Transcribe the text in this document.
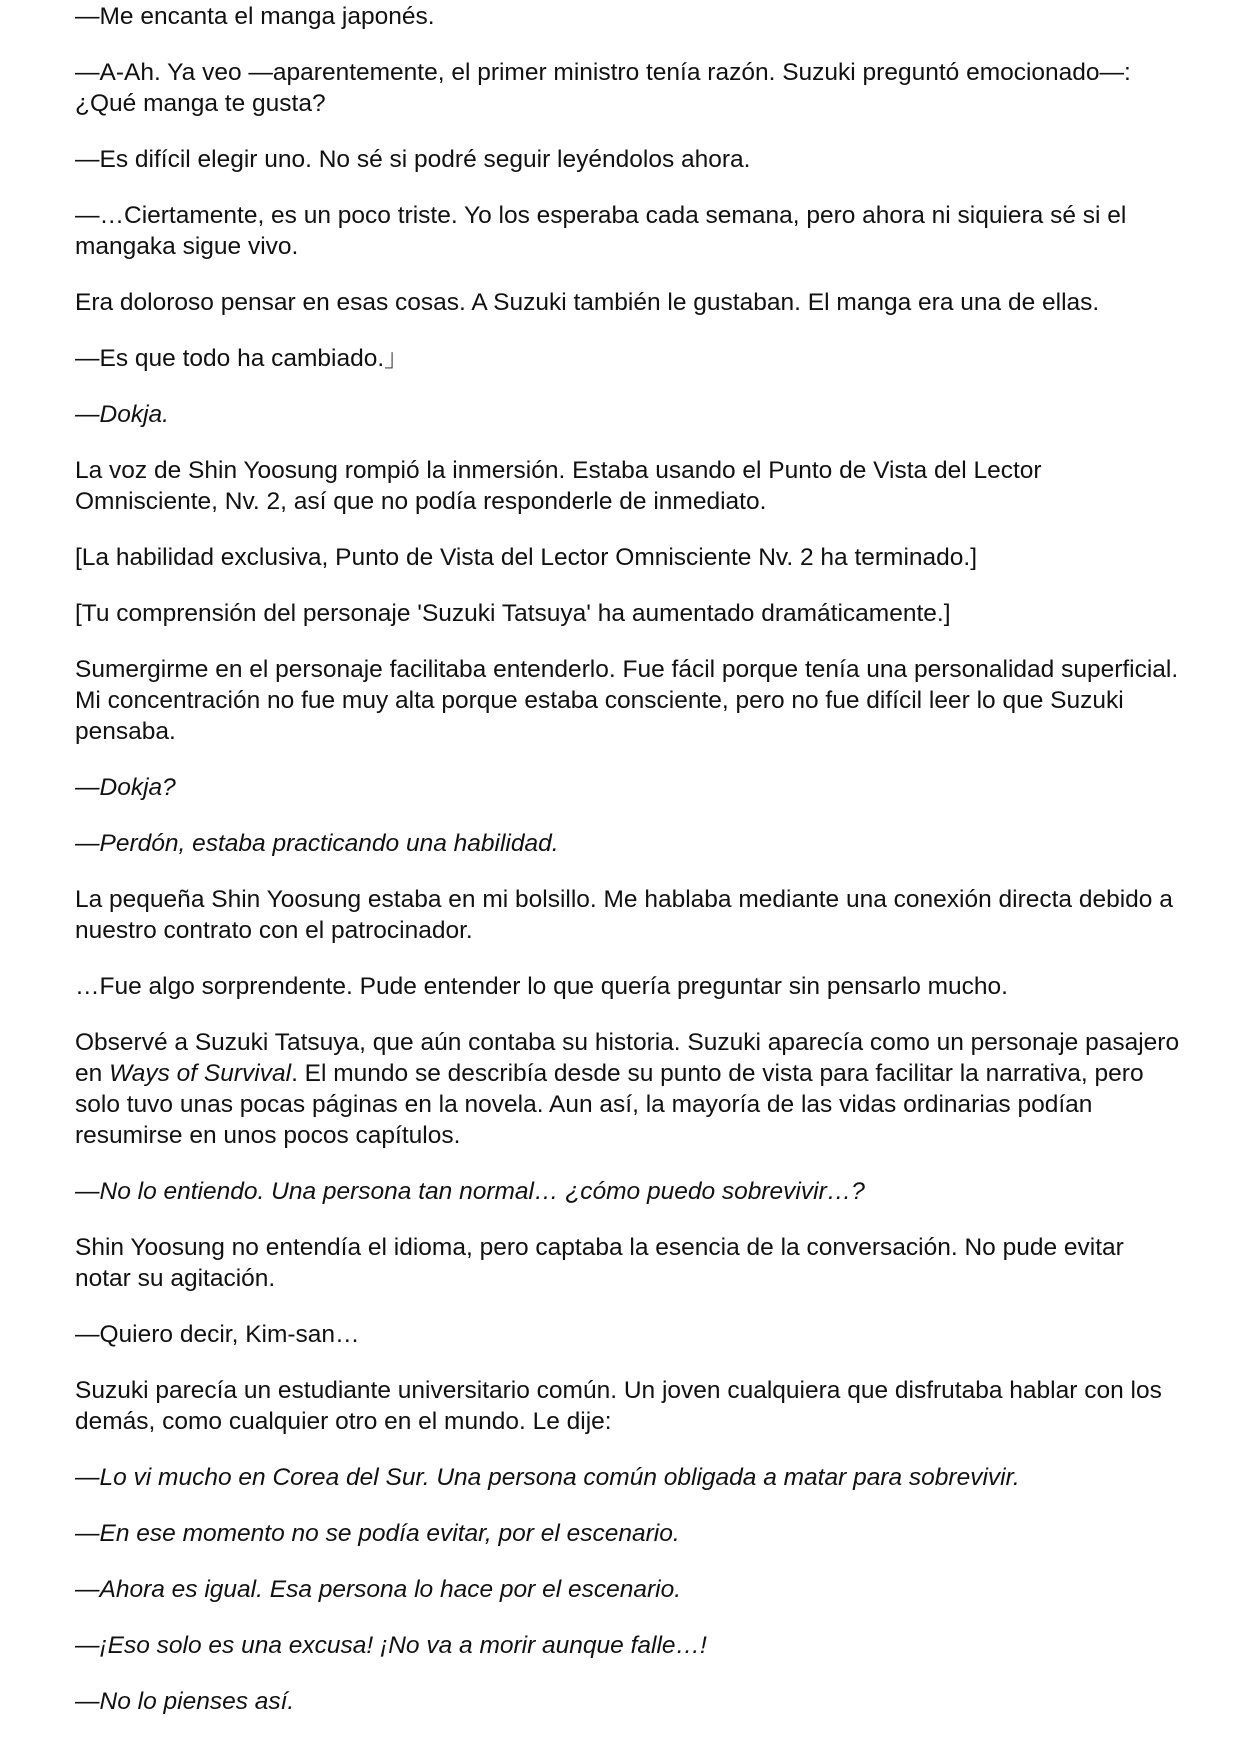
—Me encanta el manga japonés.

—A-Ah. Ya veo —aparentemente, el primer ministro tenía razón. Suzuki preguntó emocionado—: ¿Qué manga te gusta?

—Es difícil elegir uno. No sé si podré seguir leyéndolos ahora.

—…Ciertamente, es un poco triste. Yo los esperaba cada semana, pero ahora ni siquiera sé si el mangaka sigue vivo.

Era doloroso pensar en esas cosas. A Suzuki también le gustaban. El manga era una de ellas.

—Es que todo ha cambiado.」

—Dokja.

La voz de Shin Yoosung rompió la inmersión. Estaba usando el Punto de Vista del Lector Omnisciente, Nv. 2, así que no podía responderle de inmediato.

[La habilidad exclusiva, Punto de Vista del Lector Omnisciente Nv. 2 ha terminado.]

[Tu comprensión del personaje 'Suzuki Tatsuya' ha aumentado dramáticamente.]

Sumergirme en el personaje facilitaba entenderlo. Fue fácil porque tenía una personalidad superficial. Mi concentración no fue muy alta porque estaba consciente, pero no fue difícil leer lo que Suzuki pensaba.

—Dokja?

—Perdón, estaba practicando una habilidad.

La pequeña Shin Yoosung estaba en mi bolsillo. Me hablaba mediante una conexión directa debido a nuestro contrato con el patrocinador.

…Fue algo sorprendente. Pude entender lo que quería preguntar sin pensarlo mucho.

Observé a Suzuki Tatsuya, que aún contaba su historia. Suzuki aparecía como un personaje pasajero en Ways of Survival. El mundo se describía desde su punto de vista para facilitar la narrativa, pero solo tuvo unas pocas páginas en la novela. Aun así, la mayoría de las vidas ordinarias podían resumirse en unos pocos capítulos.

—No lo entiendo. Una persona tan normal… ¿cómo puedo sobrevivir…?

Shin Yoosung no entendía el idioma, pero captaba la esencia de la conversación. No pude evitar notar su agitación.

—Quiero decir, Kim-san…

Suzuki parecía un estudiante universitario común. Un joven cualquiera que disfrutaba hablar con los demás, como cualquier otro en el mundo. Le dije:

—Lo vi mucho en Corea del Sur. Una persona común obligada a matar para sobrevivir.

—En ese momento no se podía evitar, por el escenario.

—Ahora es igual. Esa persona lo hace por el escenario.

—¡Eso solo es una excusa! ¡No va a morir aunque falle…!

—No lo pienses así.
